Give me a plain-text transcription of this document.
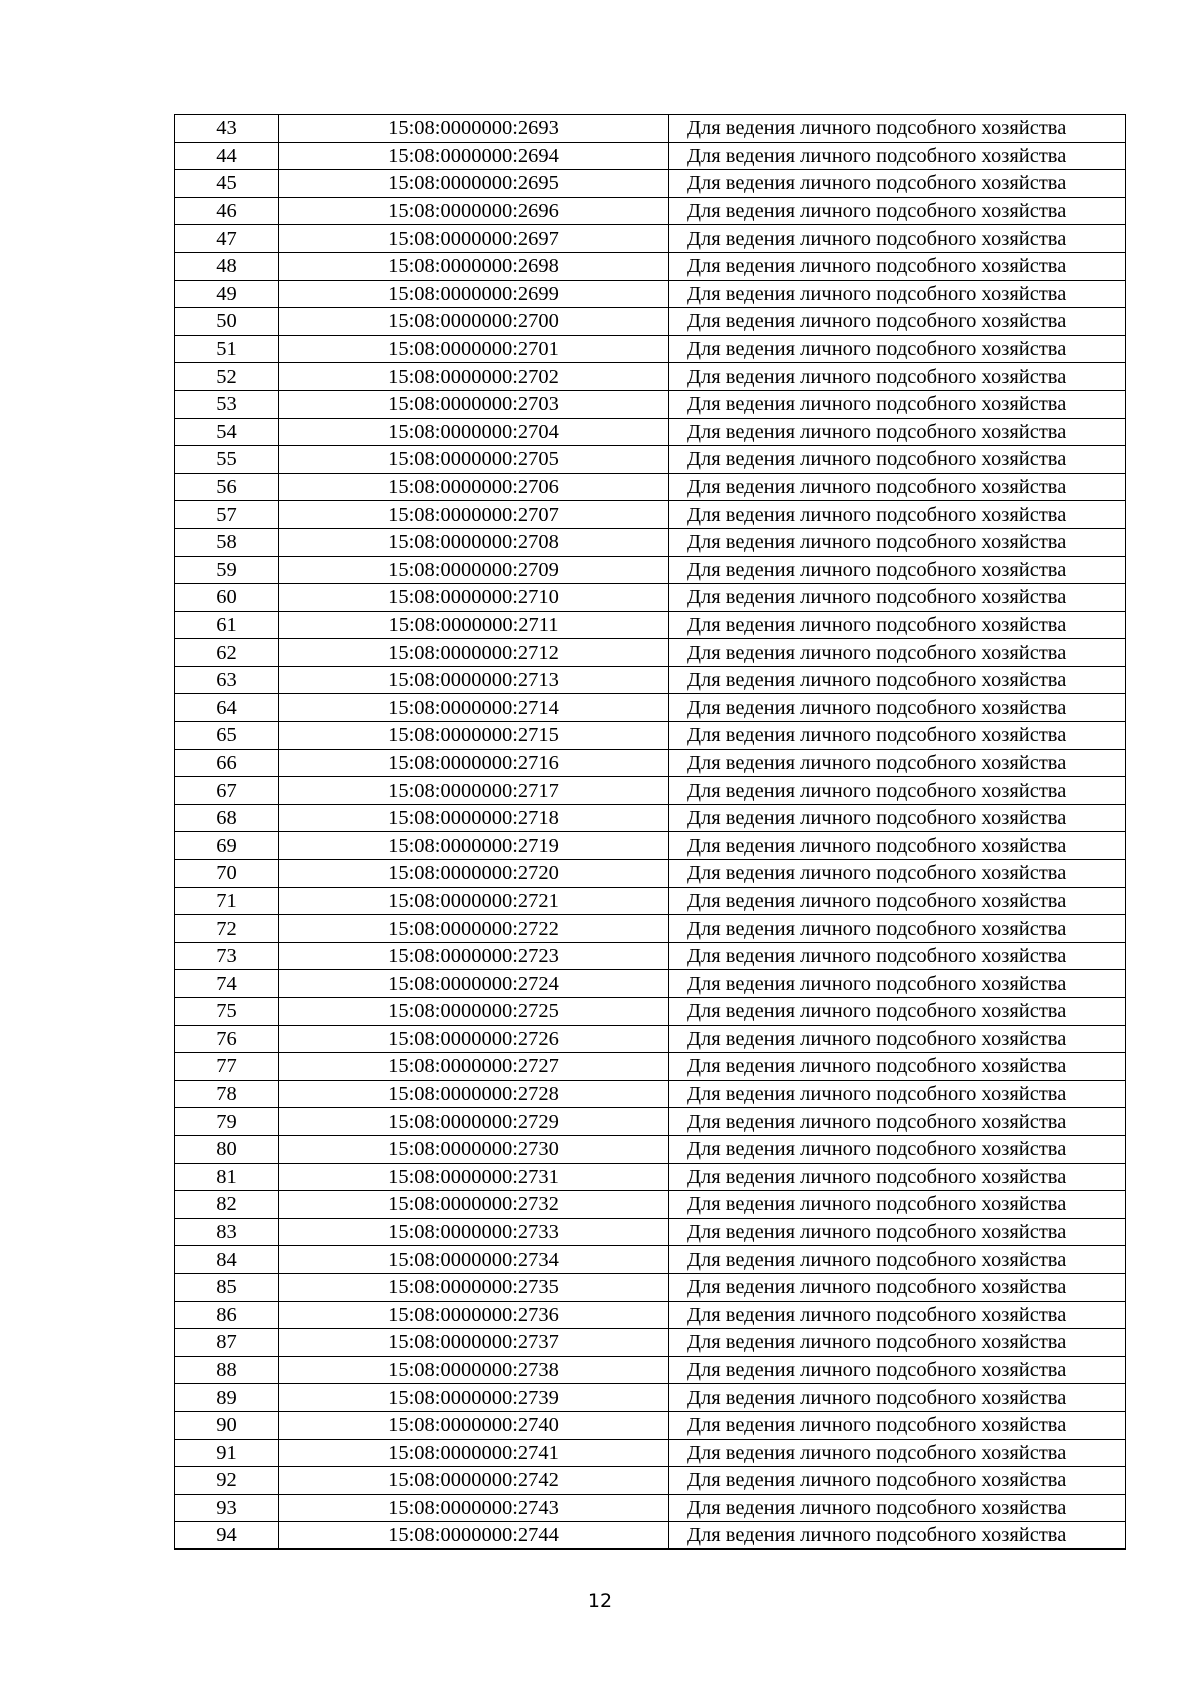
43	15:08:0000000:2693	Для ведения личного подсобного хозяйства
44	15:08:0000000:2694	Для ведения личного подсобного хозяйства
45	15:08:0000000:2695	Для ведения личного подсобного хозяйства
46	15:08:0000000:2696	Для ведения личного подсобного хозяйства
47	15:08:0000000:2697	Для ведения личного подсобного хозяйства
48	15:08:0000000:2698	Для ведения личного подсобного хозяйства
49	15:08:0000000:2699	Для ведения личного подсобного хозяйства
50	15:08:0000000:2700	Для ведения личного подсобного хозяйства
51	15:08:0000000:2701	Для ведения личного подсобного хозяйства
52	15:08:0000000:2702	Для ведения личного подсобного хозяйства
53	15:08:0000000:2703	Для ведения личного подсобного хозяйства
54	15:08:0000000:2704	Для ведения личного подсобного хозяйства
55	15:08:0000000:2705	Для ведения личного подсобного хозяйства
56	15:08:0000000:2706	Для ведения личного подсобного хозяйства
57	15:08:0000000:2707	Для ведения личного подсобного хозяйства
58	15:08:0000000:2708	Для ведения личного подсобного хозяйства
59	15:08:0000000:2709	Для ведения личного подсобного хозяйства
60	15:08:0000000:2710	Для ведения личного подсобного хозяйства
61	15:08:0000000:2711	Для ведения личного подсобного хозяйства
62	15:08:0000000:2712	Для ведения личного подсобного хозяйства
63	15:08:0000000:2713	Для ведения личного подсобного хозяйства
64	15:08:0000000:2714	Для ведения личного подсобного хозяйства
65	15:08:0000000:2715	Для ведения личного подсобного хозяйства
66	15:08:0000000:2716	Для ведения личного подсобного хозяйства
67	15:08:0000000:2717	Для ведения личного подсобного хозяйства
68	15:08:0000000:2718	Для ведения личного подсобного хозяйства
69	15:08:0000000:2719	Для ведения личного подсобного хозяйства
70	15:08:0000000:2720	Для ведения личного подсобного хозяйства
71	15:08:0000000:2721	Для ведения личного подсобного хозяйства
72	15:08:0000000:2722	Для ведения личного подсобного хозяйства
73	15:08:0000000:2723	Для ведения личного подсобного хозяйства
74	15:08:0000000:2724	Для ведения личного подсобного хозяйства
75	15:08:0000000:2725	Для ведения личного подсобного хозяйства
76	15:08:0000000:2726	Для ведения личного подсобного хозяйства
77	15:08:0000000:2727	Для ведения личного подсобного хозяйства
78	15:08:0000000:2728	Для ведения личного подсобного хозяйства
79	15:08:0000000:2729	Для ведения личного подсобного хозяйства
80	15:08:0000000:2730	Для ведения личного подсобного хозяйства
81	15:08:0000000:2731	Для ведения личного подсобного хозяйства
82	15:08:0000000:2732	Для ведения личного подсобного хозяйства
83	15:08:0000000:2733	Для ведения личного подсобного хозяйства
84	15:08:0000000:2734	Для ведения личного подсобного хозяйства
85	15:08:0000000:2735	Для ведения личного подсобного хозяйства
86	15:08:0000000:2736	Для ведения личного подсобного хозяйства
87	15:08:0000000:2737	Для ведения личного подсобного хозяйства
88	15:08:0000000:2738	Для ведения личного подсобного хозяйства
89	15:08:0000000:2739	Для ведения личного подсобного хозяйства
90	15:08:0000000:2740	Для ведения личного подсобного хозяйства
91	15:08:0000000:2741	Для ведения личного подсобного хозяйства
92	15:08:0000000:2742	Для ведения личного подсобного хозяйства
93	15:08:0000000:2743	Для ведения личного подсобного хозяйства
94	15:08:0000000:2744	Для ведения личного подсобного хозяйства
12
